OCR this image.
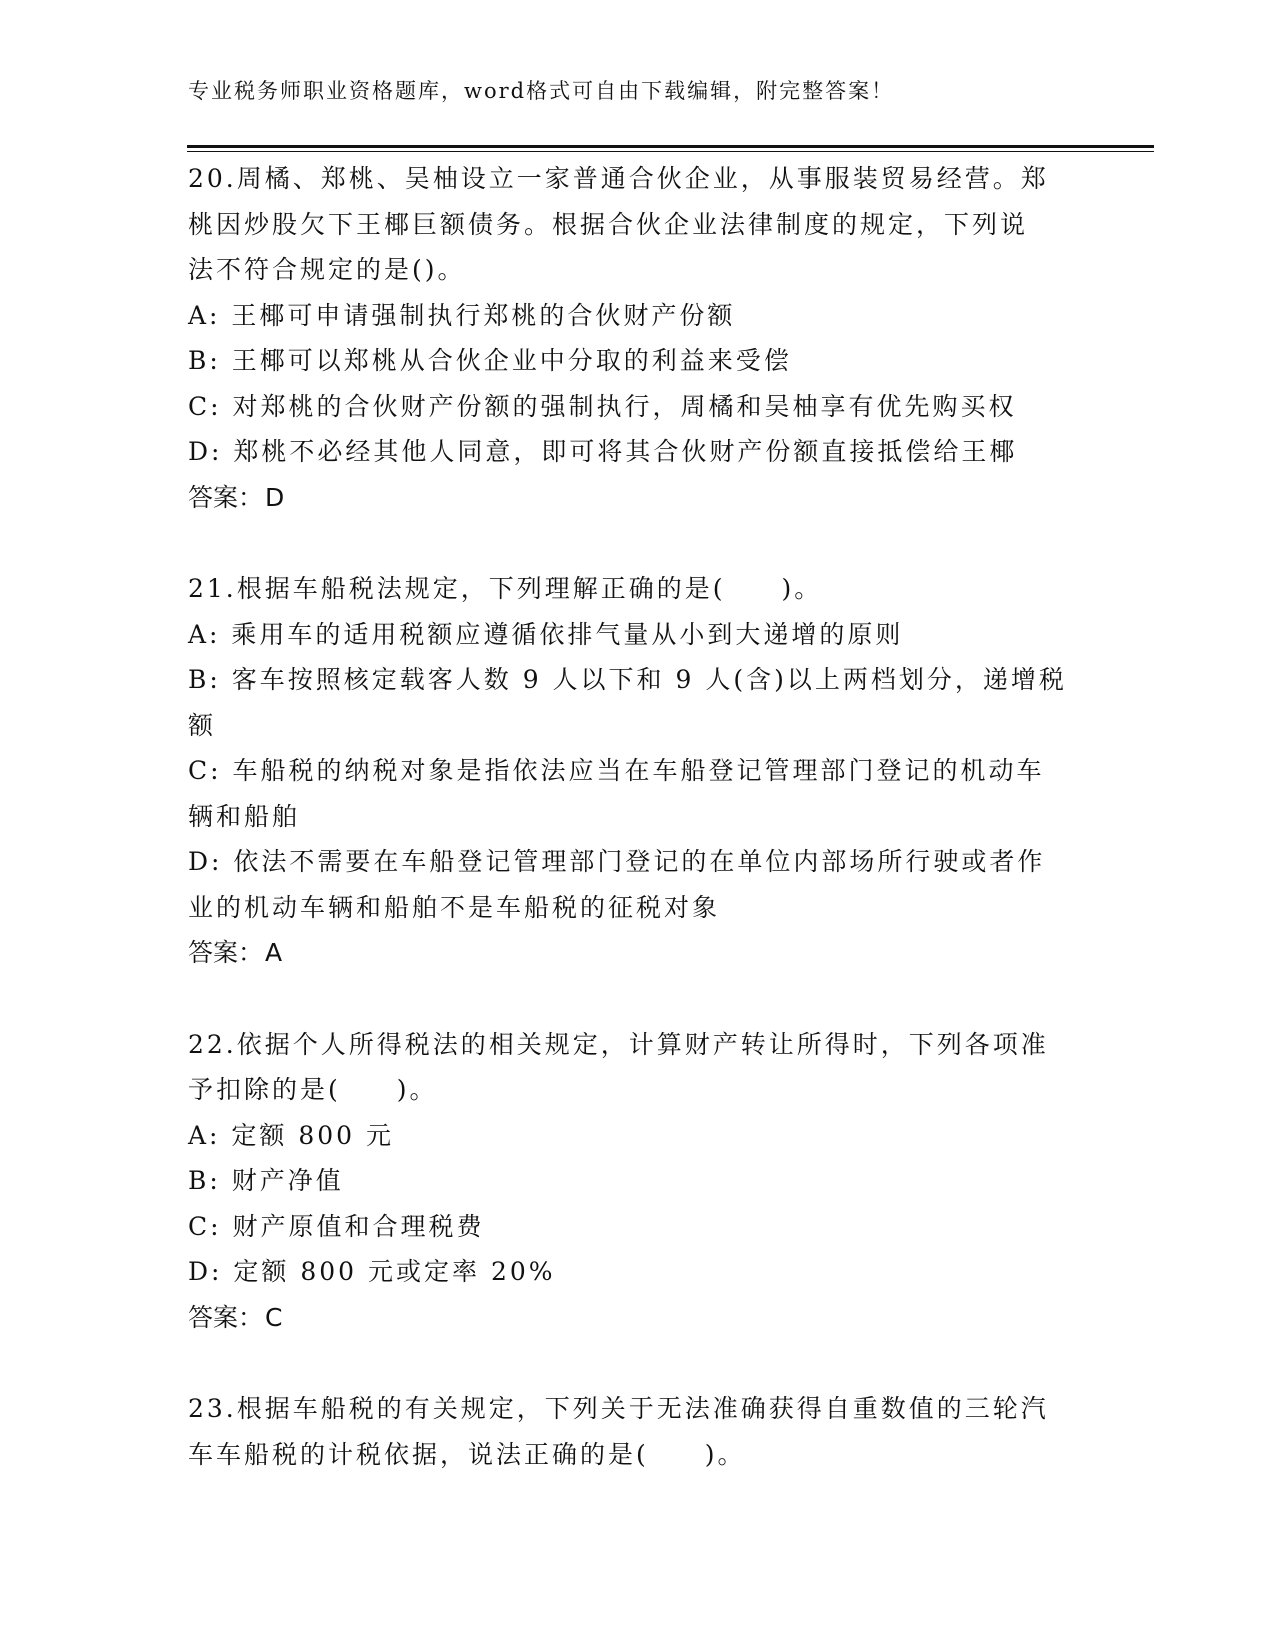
专业税务师职业资格题库，word格式可自由下载编辑，附完整答案！

20.周橘、郑桃、吴柚设立一家普通合伙企业，从事服装贸易经营。郑

桃因炒股欠下王椰巨额债务。根据合伙企业法律制度的规定，下列说

法不符合规定的是()。

A: 王椰可申请强制执行郑桃的合伙财产份额

B: 王椰可以郑桃从合伙企业中分取的利益来受偿

C: 对郑桃的合伙财产份额的强制执行，周橘和吴柚享有优先购买权

D: 郑桃不必经其他人同意，即可将其合伙财产份额直接抵偿给王椰

答案：D

21.根据车船税法规定，下列理解正确的是(　　)。

A: 乘用车的适用税额应遵循依排气量从小到大递增的原则

B: 客车按照核定载客人数 9 人以下和 9 人(含)以上两档划分，递增税

额

C: 车船税的纳税对象是指依法应当在车船登记管理部门登记的机动车

辆和船舶

D: 依法不需要在车船登记管理部门登记的在单位内部场所行驶或者作

业的机动车辆和船舶不是车船税的征税对象

答案：A

22.依据个人所得税法的相关规定，计算财产转让所得时，下列各项准

予扣除的是(　　)。

A: 定额 800 元

B: 财产净值

C: 财产原值和合理税费

D: 定额 800 元或定率 20%

答案：C

23.根据车船税的有关规定，下列关于无法准确获得自重数值的三轮汽

车车船税的计税依据，说法正确的是(　　)。
